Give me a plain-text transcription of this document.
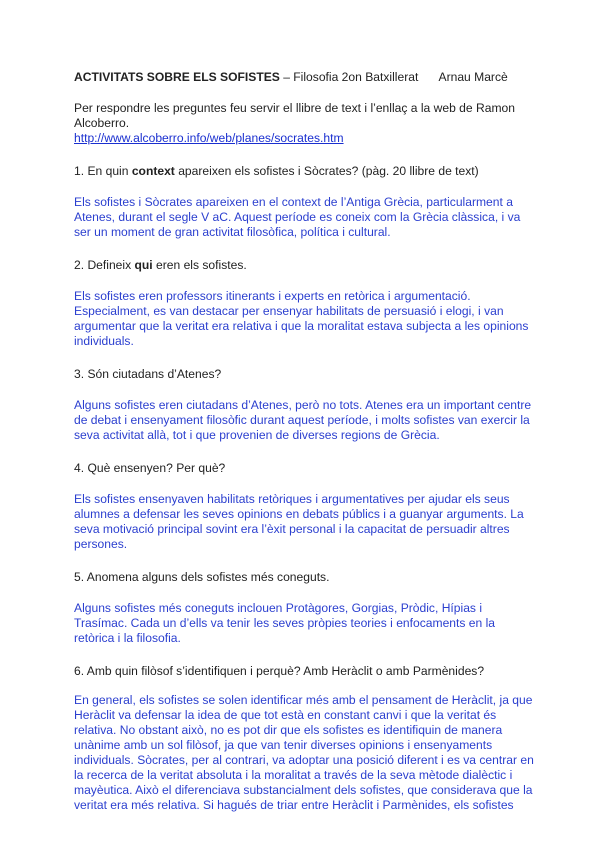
ACTIVITATS SOBRE ELS SOFISTES – Filosofia 2on Batxillerat Arnau Marcè

Per respondre les preguntes feu servir el llibre de text i l’enllaç a la web de Ramon Alcoberro.

http://www.alcoberro.info/web/planes/socrates.htm

1. En quin context apareixen els sofistes i Sòcrates? (pàg. 20 llibre de text)

Els sofistes i Sòcrates apareixen en el context de l’Antiga Grècia, particularment a Atenes, durant el segle V aC. Aquest període es coneix com la Grècia clàssica, i va ser un moment de gran activitat filosòfica, política i cultural.

2. Defineix qui eren els sofistes.

Els sofistes eren professors itinerants i experts en retòrica i argumentació. Especialment, es van destacar per ensenyar habilitats de persuasió i elogi, i van argumentar que la veritat era relativa i que la moralitat estava subjecta a les opinions individuals.

3. Són ciutadans d’Atenes?

Alguns sofistes eren ciutadans d’Atenes, però no tots. Atenes era un important centre de debat i ensenyament filosòfic durant aquest període, i molts sofistes van exercir la seva activitat allà, tot i que provenien de diverses regions de Grècia.

4. Què ensenyen? Per què?

Els sofistes ensenyaven habilitats retòriques i argumentatives per ajudar els seus alumnes a defensar les seves opinions en debats públics i a guanyar arguments. La seva motivació principal sovint era l’èxit personal i la capacitat de persuadir altres persones.

5. Anomena alguns dels sofistes més coneguts.

Alguns sofistes més coneguts inclouen Protàgores, Gorgias, Pròdic, Hípias i Trasímac. Cada un d’ells va tenir les seves pròpies teories i enfocaments en la retòrica i la filosofia.

6. Amb quin filòsof s’identifiquen i perquè? Amb Heràclit o amb Parmènides?

En general, els sofistes se solen identificar més amb el pensament de Heràclit, ja que Heràclit va defensar la idea de que tot està en constant canvi i que la veritat és relativa. No obstant això, no es pot dir que els sofistes es identifiquin de manera unànime amb un sol filòsof, ja que van tenir diverses opinions i ensenyaments individuals. Sòcrates, per al contrari, va adoptar una posició diferent i es va centrar en la recerca de la veritat absoluta i la moralitat a través de la seva mètode dialèctic i mayèutica. Això el diferenciava substancialment dels sofistes, que considerava que la veritat era més relativa. Si hagués de triar entre Heràclit i Parmènides, els sofistes
